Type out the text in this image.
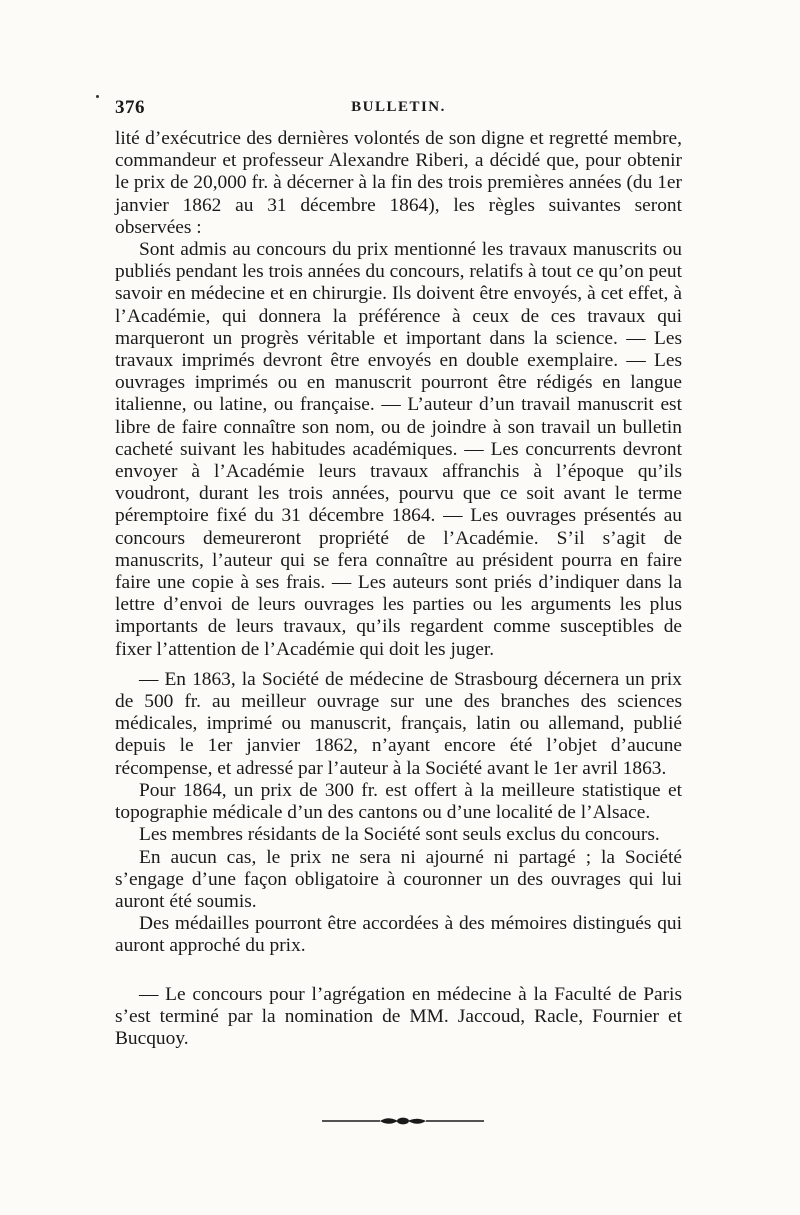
376	BULLETIN.

lité d’exécutrice des dernières volontés de son digne et regretté membre, commandeur et professeur Alexandre Riberi, a décidé que, pour obtenir le prix de 20,000 fr. à décerner à la fin des trois premières années (du 1er janvier 1862 au 31 décembre 1864), les règles suivantes seront observées :

Sont admis au concours du prix mentionné les travaux manuscrits ou publiés pendant les trois années du concours, relatifs à tout ce qu’on peut savoir en médecine et en chirurgie. Ils doivent être envoyés, à cet effet, à l’Académie, qui donnera la préférence à ceux de ces travaux qui marqueront un progrès véritable et important dans la science. — Les travaux imprimés devront être envoyés en double exemplaire. — Les ouvrages imprimés ou en manuscrit pourront être rédigés en langue italienne, ou latine, ou française. — L’auteur d’un travail manuscrit est libre de faire connaître son nom, ou de joindre à son travail un bulletin cacheté suivant les habitudes académiques. — Les concurrents devront envoyer à l’Académie leurs travaux affranchis à l’époque qu’ils voudront, durant les trois années, pourvu que ce soit avant le terme péremptoire fixé du 31 décembre 1864. — Les ouvrages présentés au concours demeureront propriété de l’Académie. S’il s’agit de manuscrits, l’auteur qui se fera connaître au président pourra en faire faire une copie à ses frais. — Les auteurs sont priés d’indiquer dans la lettre d’envoi de leurs ouvrages les parties ou les arguments les plus importants de leurs travaux, qu’ils regardent comme susceptibles de fixer l’attention de l’Académie qui doit les juger.

— En 1863, la Société de médecine de Strasbourg décernera un prix de 500 fr. au meilleur ouvrage sur une des branches des sciences médicales, imprimé ou manuscrit, français, latin ou allemand, publié depuis le 1er janvier 1862, n’ayant encore été l’objet d’aucune récompense, et adressé par l’auteur à la Société avant le 1er avril 1863.

Pour 1864, un prix de 300 fr. est offert à la meilleure statistique et topographie médicale d’un des cantons ou d’une localité de l’Alsace.

Les membres résidants de la Société sont seuls exclus du concours.

En aucun cas, le prix ne sera ni ajourné ni partagé ; la Société s’engage d’une façon obligatoire à couronner un des ouvrages qui lui auront été soumis.

Des médailles pourront être accordées à des mémoires distingués qui auront approché du prix.

— Le concours pour l’agrégation en médecine à la Faculté de Paris s’est terminé par la nomination de MM. Jaccoud, Racle, Fournier et Bucquoy.
